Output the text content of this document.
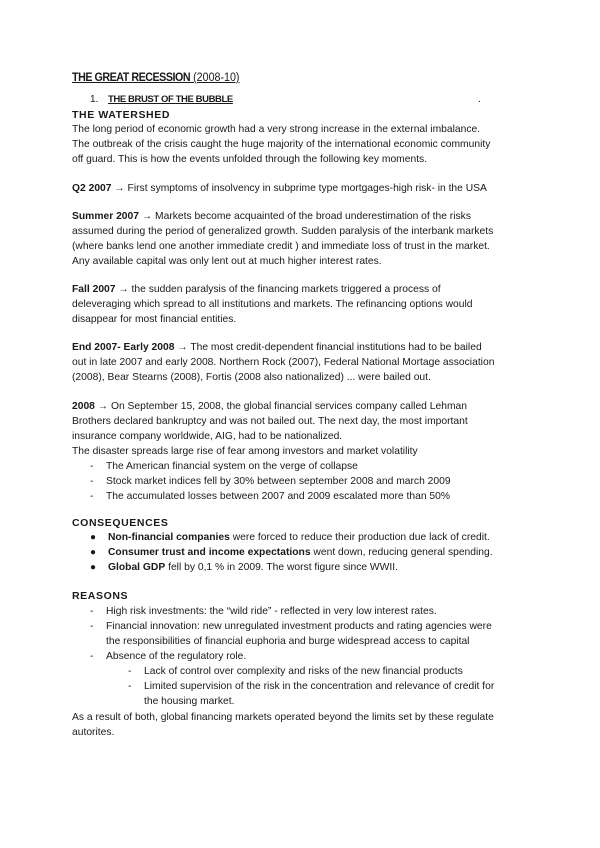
THE GREAT RECESSION (2008-10)
1. THE BRUST OF THE BUBBLE	.
THE WATERSHED
The long period of economic growth had a very strong increase in the external imbalance.
The outbreak of the crisis caught the huge majority of the international economic community
off guard. This is how the events unfolded through the following key moments.
Q2 2007 → First symptoms of insolvency in subprime type mortgages-high risk- in the USA
Summer 2007 → Markets become acquainted of the broad underestimation of the risks
assumed during the period of generalized growth. Sudden paralysis of the interbank markets
(where banks lend one another immediate credit ) and immediate loss of trust in the market.
Any available capital was only lent out at much higher interest rates.
Fall 2007 → the sudden paralysis of the financing markets triggered a process of
deleveraging which spread to all institutions and markets. The refinancing options would
disappear for most financial entities.
End 2007- Early 2008 → The most credit-dependent financial institutions had to be bailed
out in late 2007 and early 2008. Northern Rock (2007), Federal National Mortage association
(2008), Bear Stearns (2008), Fortis (2008 also nationalized) ... were bailed out.
2008 → On September 15, 2008, the global financial services company called Lehman
Brothers declared bankruptcy and was not bailed out. The next day, the most important
insurance company worldwide, AIG, had to be nationalized.
The disaster spreads large rise of fear among investors and market volatility
- The American financial system on the verge of collapse
- Stock market indices fell by 30% between september 2008 and march 2009
- The accumulated losses between 2007 and 2009 escalated more than 50%
CONSEQUENCES
● Non-financial companies were forced to reduce their production due lack of credit.
● Consumer trust and income expectations went down, reducing general spending.
● Global GDP fell by 0,1 % in 2009. The worst figure since WWII.
REASONS
- High risk investments: the “wild ride” - reflected in very low interest rates.
- Financial innovation: new unregulated investment products and rating agencies were
the responsibilities of financial euphoria and burge widespread access to capital
- Absence of the regulatory role.
- Lack of control over complexity and risks of the new financial products
- Limited supervision of the risk in the concentration and relevance of credit for
the housing market.
As a result of both, global financing markets operated beyond the limits set by these regulate
autorites.
